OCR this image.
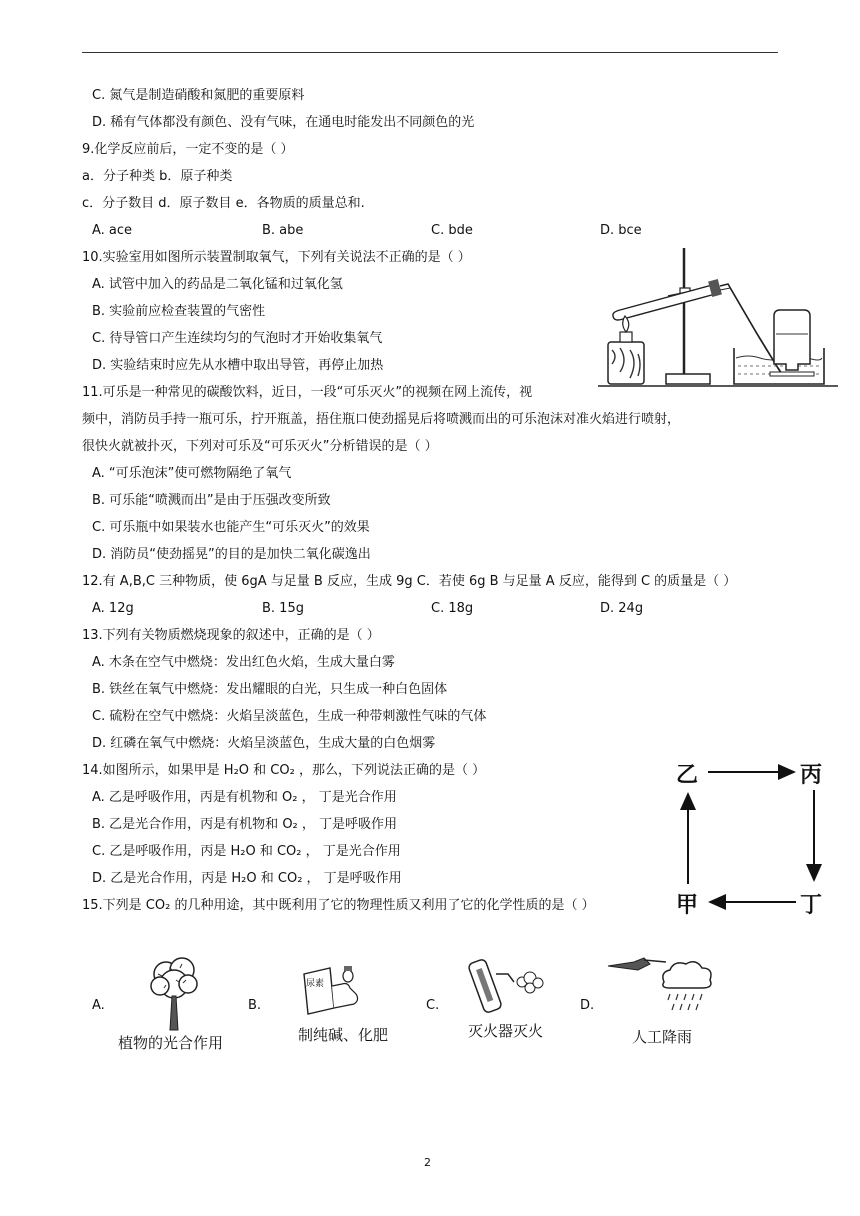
C. 氮气是制造硝酸和氮肥的重要原料
D. 稀有气体都没有颜色、没有气味，在通电时能发出不同颜色的光
9.化学反应前后，一定不变的是（ ）
a．分子种类 b．原子种类
c．分子数目 d．原子数目 e．各物质的质量总和.
A. ace	B. abe	C. bde	D. bce
10.实验室用如图所示装置制取氧气，下列有关说法不正确的是（ ）
A. 试管中加入的药品是二氧化锰和过氧化氢
B. 实验前应检查装置的气密性
C. 待导管口产生连续均匀的气泡时才开始收集氧气
D. 实验结束时应先从水槽中取出导管，再停止加热
11.可乐是一种常见的碳酸饮料，近日，一段“可乐灭火”的视频在网上流传，视
频中，消防员手持一瓶可乐，拧开瓶盖，捂住瓶口使劲摇晃后将喷溅而出的可乐泡沫对准火焰进行喷射，
很快火就被扑灭，下列对可乐及“可乐灭火”分析错误的是（ ）
A. “可乐泡沫”使可燃物隔绝了氧气
B. 可乐能“喷溅而出”是由于压强改变所致
C. 可乐瓶中如果装水也能产生“可乐灭火”的效果
D. 消防员“使劲摇晃”的目的是加快二氧化碳逸出
12.有 A,B,C 三种物质，使 6gA 与足量 B 反应，生成 9g C．若使 6g B 与足量 A 反应，能得到 C 的质量是（ ）
A. 12g	B. 15g	C. 18g	D. 24g
13.下列有关物质燃烧现象的叙述中，正确的是（ ）
A. 木条在空气中燃烧：发出红色火焰，生成大量白雾
B. 铁丝在氧气中燃烧：发出耀眼的白光，只生成一种白色固体
C. 硫粉在空气中燃烧：火焰呈淡蓝色，生成一种带刺激性气味的气体
D. 红磷在氧气中燃烧：火焰呈淡蓝色，生成大量的白色烟雾
14.如图所示，如果甲是 H₂O 和 CO₂ ，那么，下列说法正确的是（ ）
A. 乙是呼吸作用，丙是有机物和 O₂ ， 丁是光合作用
B. 乙是光合作用，丙是有机物和 O₂ ， 丁是呼吸作用
C. 乙是呼吸作用，丙是 H₂O 和 CO₂ ， 丁是光合作用
D. 乙是光合作用，丙是 H₂O 和 CO₂ ， 丁是呼吸作用
乙	丙
甲	丁
15.下列是 CO₂ 的几种用途，其中既利用了它的物理性质又利用了它的化学性质的是（ ）
A.
植物的光合作用
B.
尿素
制纯碱、化肥
C.
灭火器灭火
D.
人工降雨
2
